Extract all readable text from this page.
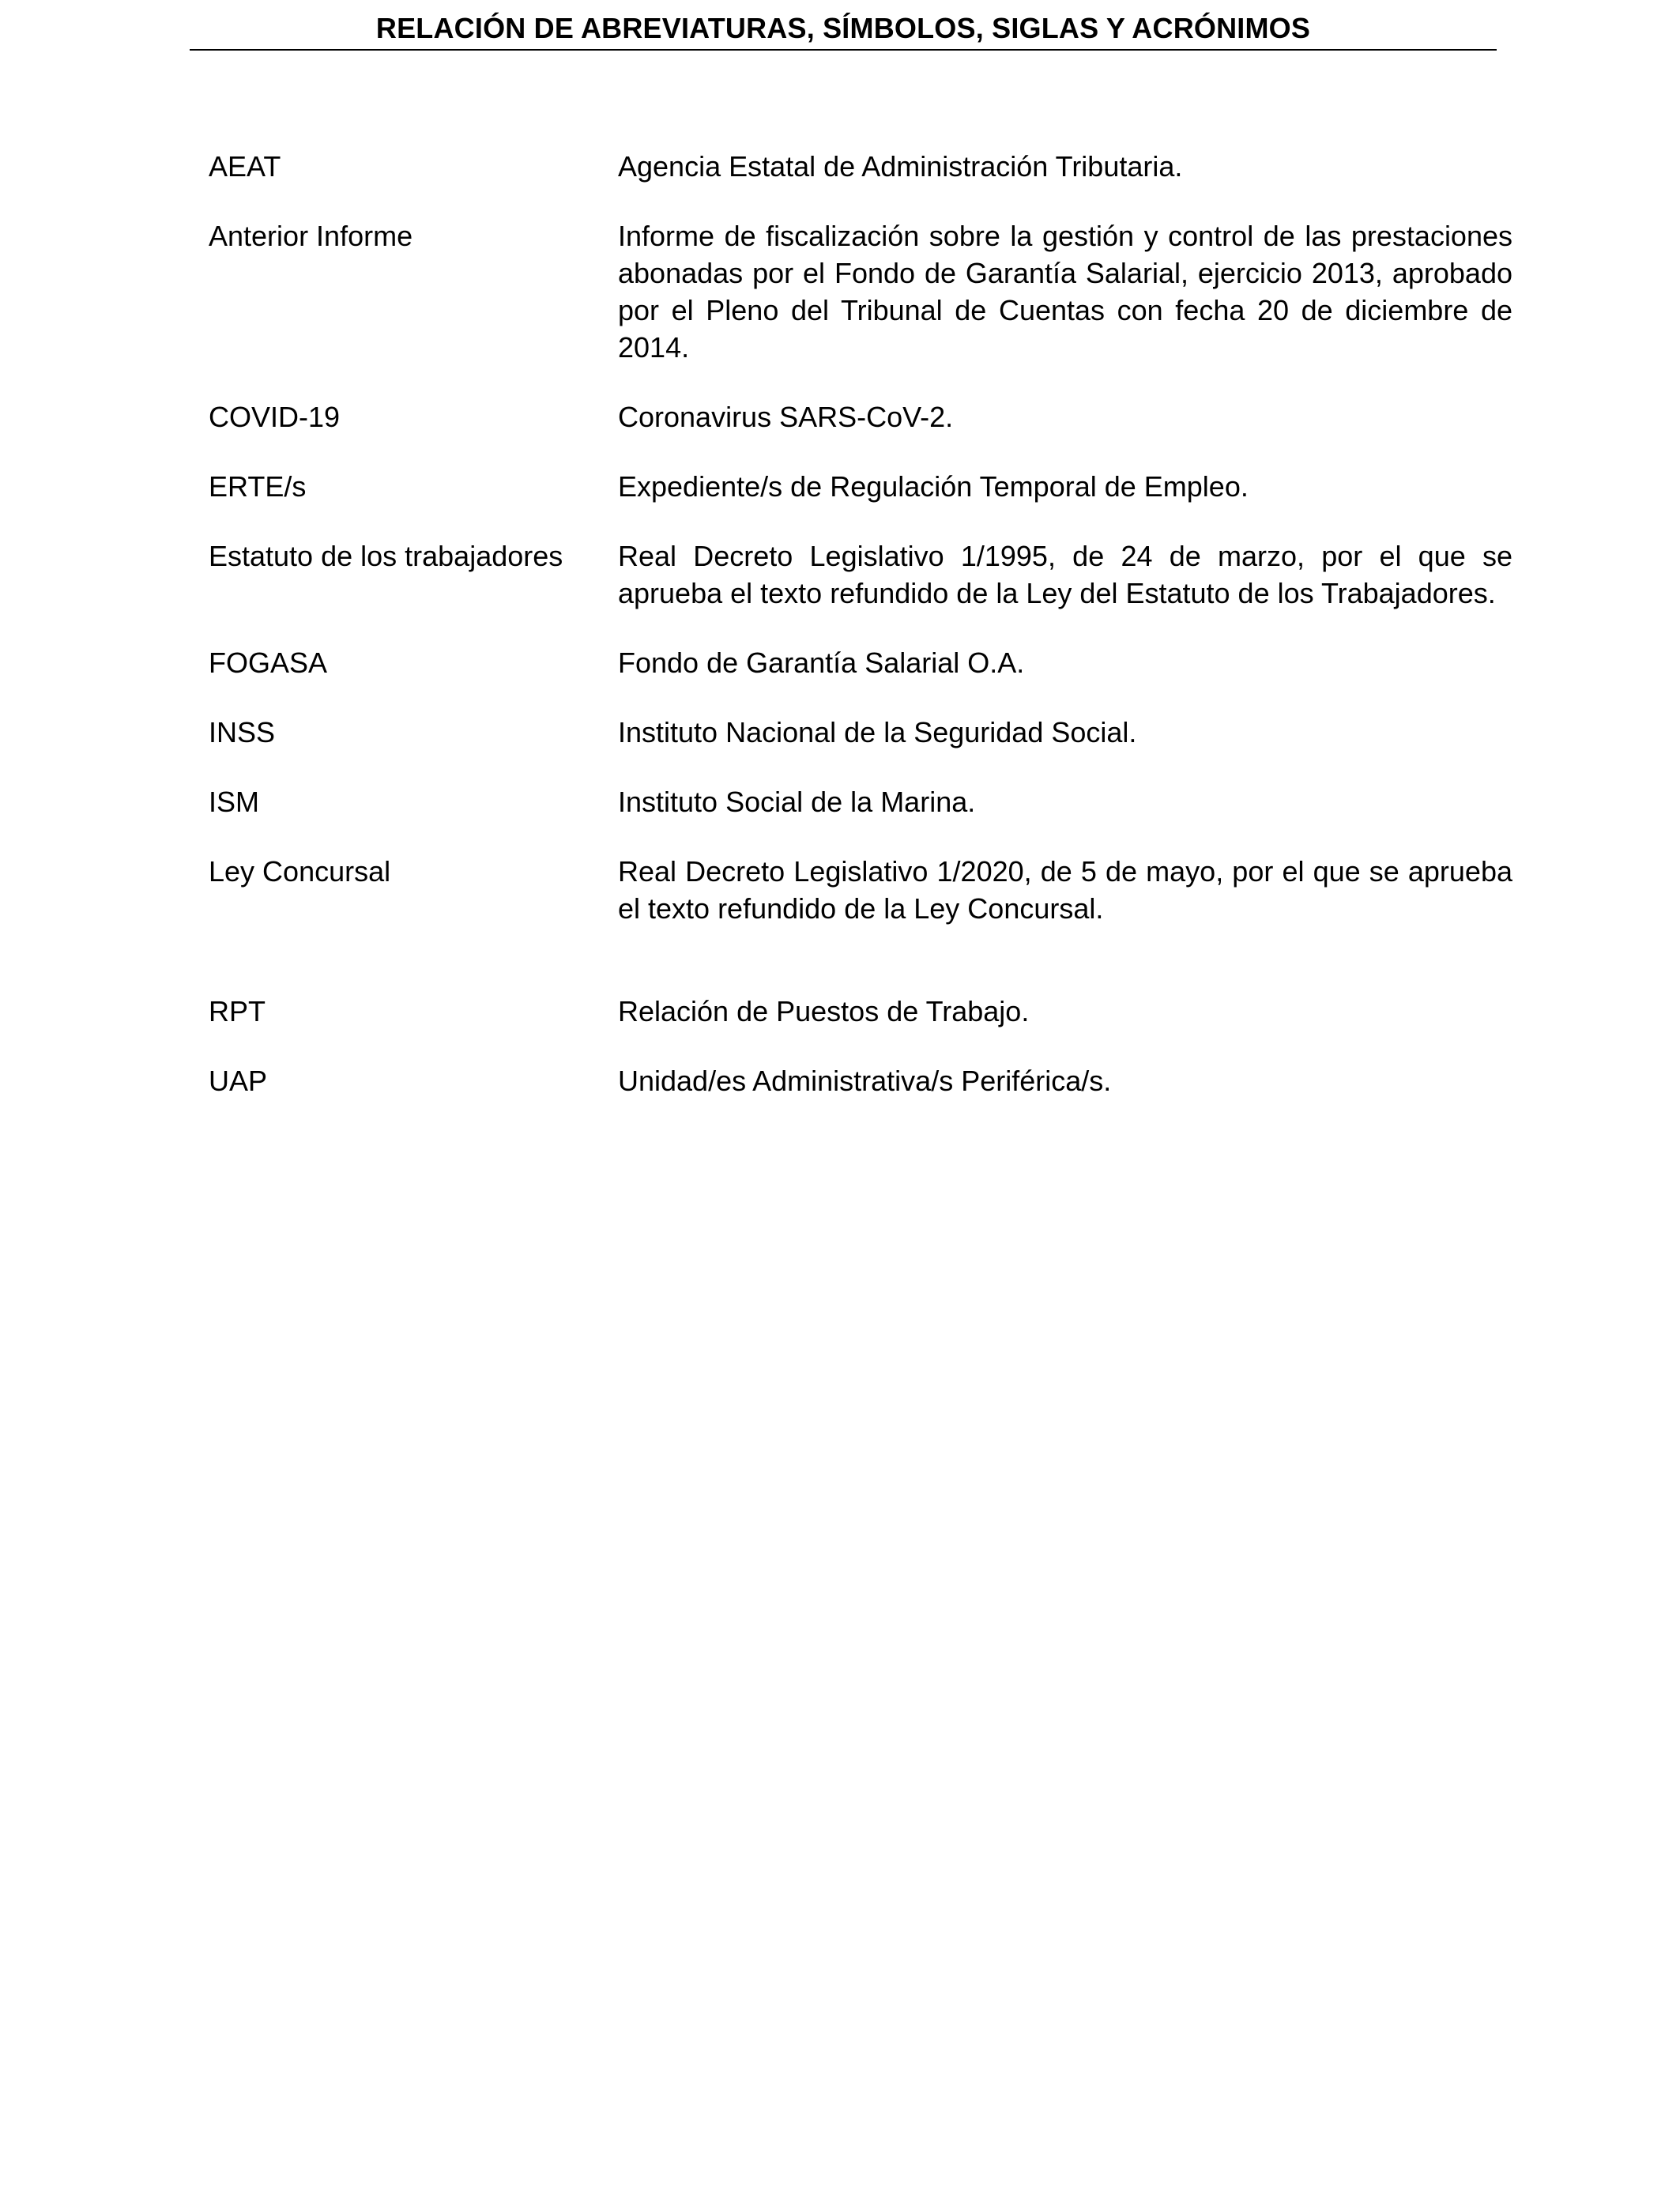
RELACIÓN DE ABREVIATURAS, SÍMBOLOS, SIGLAS Y ACRÓNIMOS
AEAT	Agencia Estatal de Administración Tributaria.
Anterior Informe	Informe de fiscalización sobre la gestión y control de las prestaciones abonadas por el Fondo de Garantía Salarial, ejercicio 2013, aprobado por el Pleno del Tribunal de Cuentas con fecha 20 de diciembre de 2014.
COVID-19	Coronavirus SARS-CoV-2.
ERTE/s	Expediente/s de Regulación Temporal de Empleo.
Estatuto de los trabajadores	Real Decreto Legislativo 1/1995, de 24 de marzo, por el que se aprueba el texto refundido de la Ley del Estatuto de los Trabajadores.
FOGASA	Fondo de Garantía Salarial O.A.
INSS	Instituto Nacional de la Seguridad Social.
ISM	Instituto Social de la Marina.
Ley Concursal	Real Decreto Legislativo 1/2020, de 5 de mayo, por el que se aprueba el texto refundido de la Ley Concursal.
RPT	Relación de Puestos de Trabajo.
UAP	Unidad/es Administrativa/s Periférica/s.
